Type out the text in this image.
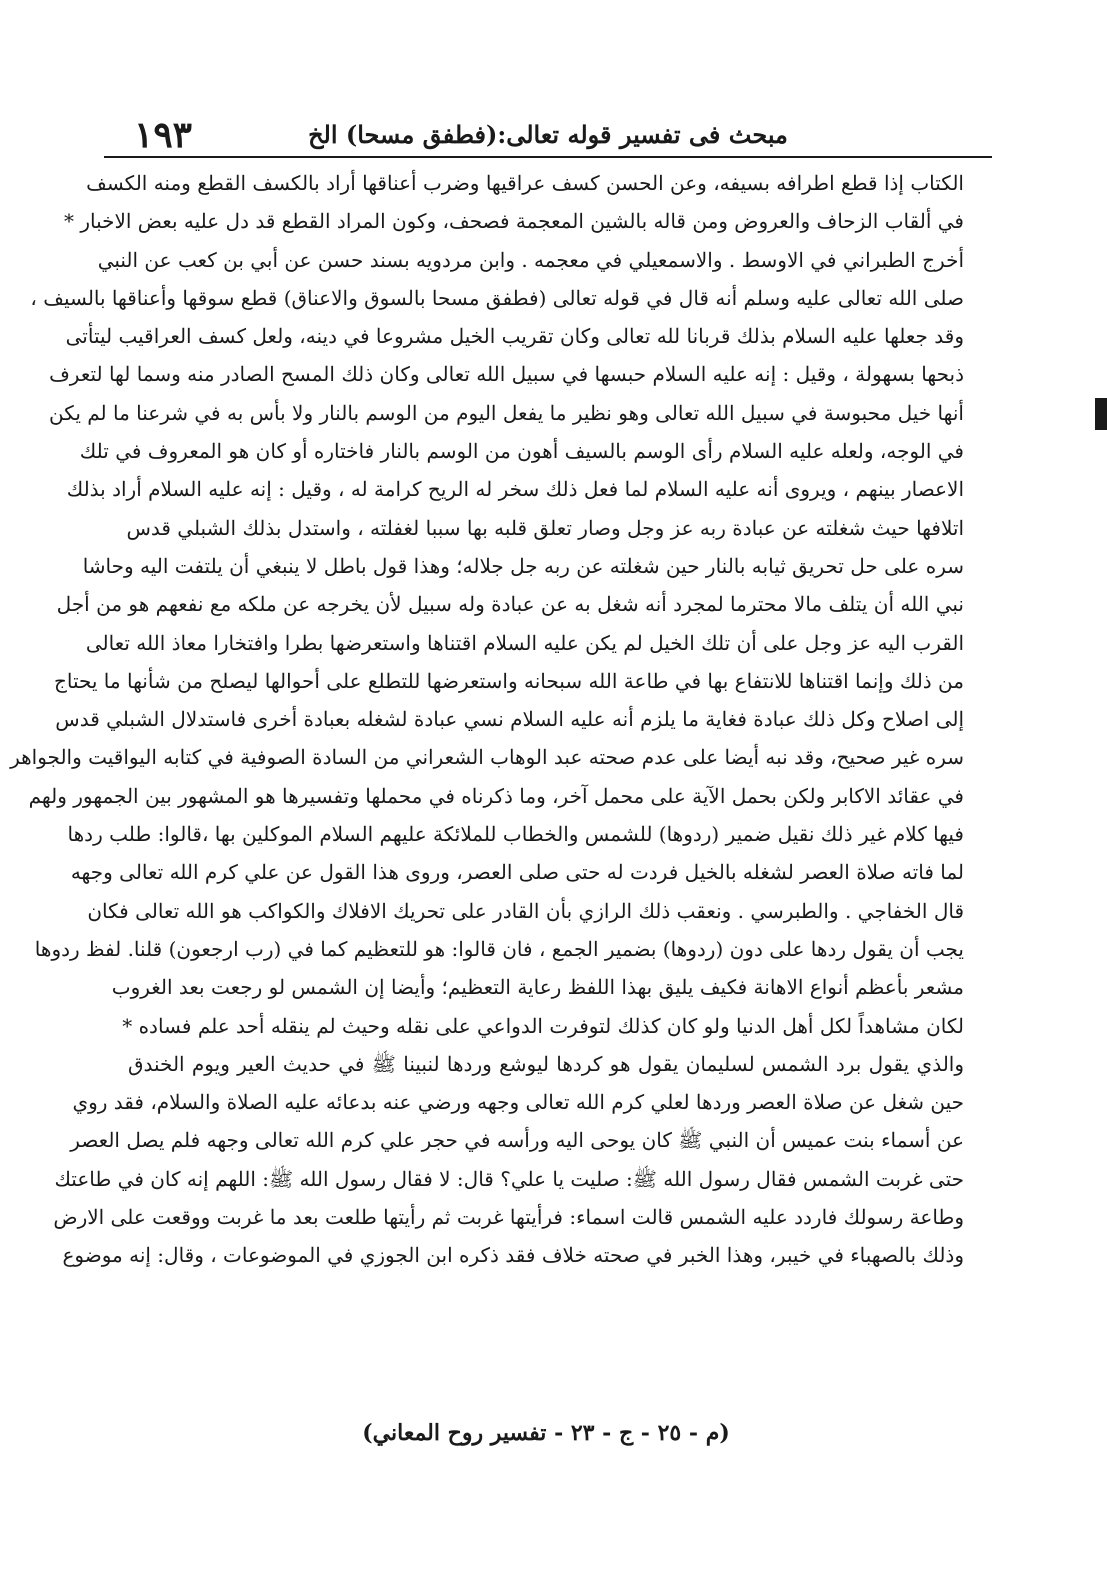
مبحث فى تفسير قوله تعالى:(فطفق مسحا) الخ
١٩٣
الكتاب إذا قطع اطرافه بسيفه، وعن الحسن كسف عراقيها وضرب أعناقها أراد بالكسف القطع ومنه الكسف
في ألقاب الزحاف والعروض ومن قاله بالشين المعجمة فصحف، وكون المراد القطع قد دل عليه بعض الاخبار *
أخرج الطبراني في الاوسط . والاسمعيلي في معجمه . وابن مردويه بسند حسن عن أبي بن كعب عن النبي
صلى الله تعالى عليه وسلم أنه قال في قوله تعالى (فطفق مسحا بالسوق والاعناق) قطع سوقها وأعناقها بالسيف ،
وقد جعلها عليه السلام بذلك قربانا لله تعالى وكان تقريب الخيل مشروعا في دينه، ولعل كسف العراقيب ليتأتى
ذبحها بسهولة ، وقيل : إنه عليه السلام حبسها في سبيل الله تعالى وكان ذلك المسح الصادر منه وسما لها لتعرف
أنها خيل محبوسة في سبيل الله تعالى وهو نظير ما يفعل اليوم من الوسم بالنار ولا بأس به في شرعنا ما لم يكن
في الوجه، ولعله عليه السلام رأى الوسم بالسيف أهون من الوسم بالنار فاختاره أو كان هو المعروف في تلك
الاعصار بينهم ، ويروى أنه عليه السلام لما فعل ذلك سخر له الريح كرامة له ، وقيل : إنه عليه السلام أراد بذلك
اتلافها حيث شغلته عن عبادة ربه عز وجل وصار تعلق قلبه بها سببا لغفلته ، واستدل بذلك الشبلي قدس
سره على حل تحريق ثيابه بالنار حين شغلته عن ربه جل جلاله؛ وهذا قول باطل لا ينبغي أن يلتفت اليه وحاشا
نبي الله أن يتلف مالا محترما لمجرد أنه شغل به عن عبادة وله سبيل لأن يخرجه عن ملكه مع نفعهم هو من أجل
القرب اليه عز وجل على أن تلك الخيل لم يكن عليه السلام اقتناها واستعرضها بطرا وافتخارا معاذ الله تعالى
من ذلك وإنما اقتناها للانتفاع بها في طاعة الله سبحانه واستعرضها للتطلع على أحوالها ليصلح من شأنها ما يحتاج
إلى اصلاح وكل ذلك عبادة فغاية ما يلزم أنه عليه السلام نسي عبادة لشغله بعبادة أخرى فاستدلال الشبلي قدس
سره غير صحيح، وقد نبه أيضا على عدم صحته عبد الوهاب الشعراني من السادة الصوفية في كتابه اليواقيت والجواهر
في عقائد الاكابر ولكن بحمل الآية على محمل آخر، وما ذكرناه في محملها وتفسيرها هو المشهور بين الجمهور ولهم
فيها كلام غير ذلك نقيل ضمير (ردوها) للشمس والخطاب للملائكة عليهم السلام الموكلين بها ،قالوا: طلب ردها
لما فاته صلاة العصر لشغله بالخيل فردت له حتى صلى العصر، وروى هذا القول عن علي كرم الله تعالى وجهه
قال الخفاجي . والطبرسي . ونعقب ذلك الرازي بأن القادر على تحريك الافلاك والكواكب هو الله تعالى فكان
يجب أن يقول ردها على دون (ردوها) بضمير الجمع ، فان قالوا: هو للتعظيم كما في (رب ارجعون) قلنا. لفظ ردوها
مشعر بأعظم أنواع الاهانة فكيف يليق بهذا اللفظ رعاية التعظيم؛ وأيضا إن الشمس لو رجعت بعد الغروب
لكان مشاهداً لكل أهل الدنيا ولو كان كذلك لتوفرت الدواعي على نقله وحيث لم ينقله أحد علم فساده *
والذي يقول برد الشمس لسليمان يقول هو كردها ليوشع وردها لنبينا ﷺ في حديث العير ويوم الخندق
حين شغل عن صلاة العصر وردها لعلي كرم الله تعالى وجهه ورضي عنه بدعائه عليه الصلاة والسلام، فقد روي
عن أسماء بنت عميس أن النبي ﷺ كان يوحى اليه ورأسه في حجر علي كرم الله تعالى وجهه فلم يصل العصر
حتى غربت الشمس فقال رسول الله ﷺ: صليت يا علي؟ قال: لا فقال رسول الله ﷺ: اللهم إنه كان في طاعتك
وطاعة رسولك فاردد عليه الشمس قالت اسماء: فرأيتها غربت ثم رأيتها طلعت بعد ما غربت ووقعت على الارض
وذلك بالصهباء في خيبر، وهذا الخبر في صحته خلاف فقد ذكره ابن الجوزي في الموضوعات ، وقال: إنه موضوع
(م - ٢٥ - ج - ٢٣ - تفسير روح المعاني)
